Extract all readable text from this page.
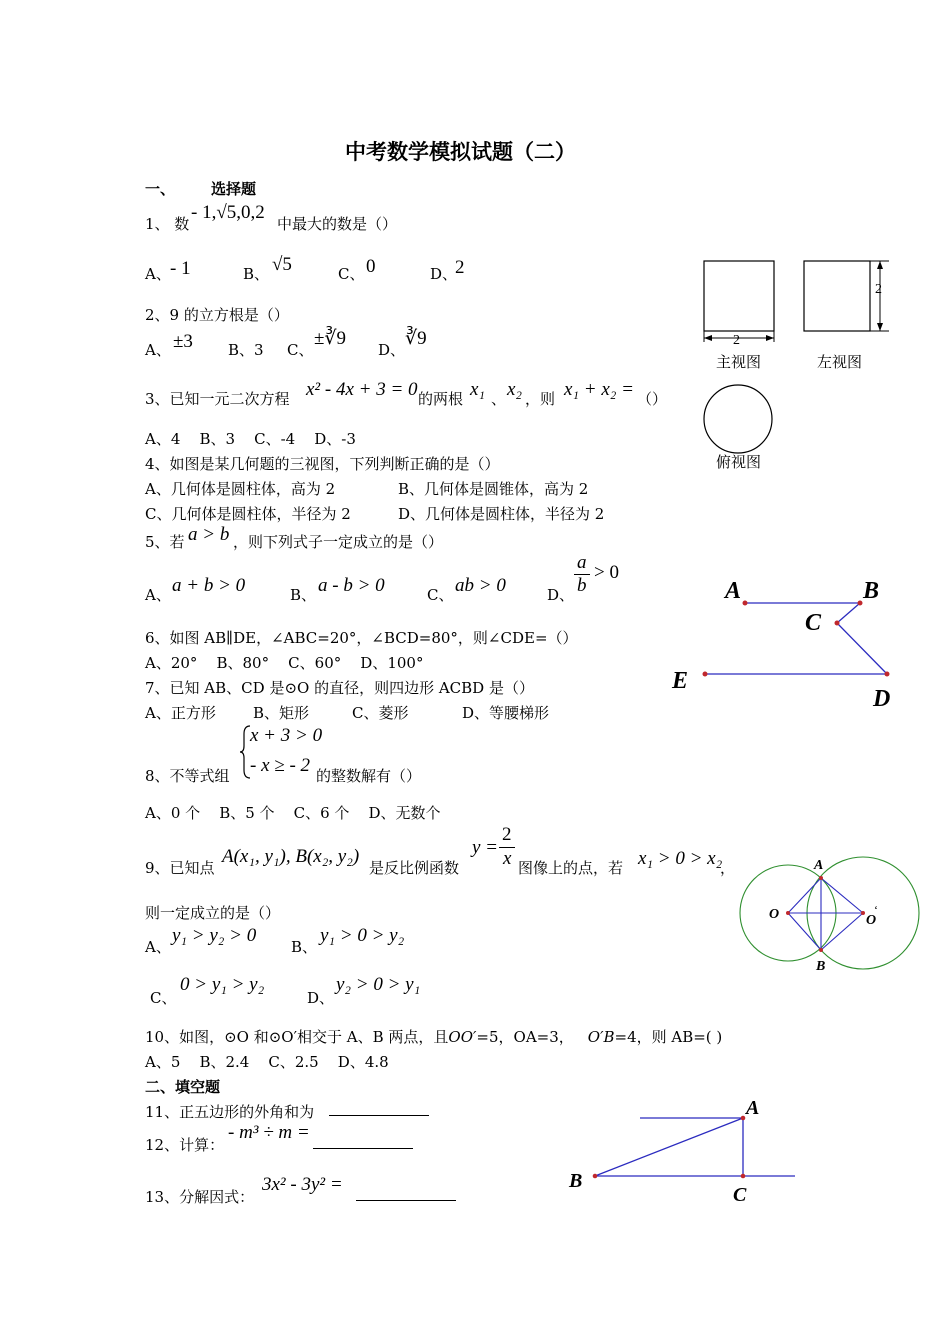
中考数学模拟试题（二）
一、 选择题
1、 数
- 1,√5,0,2
中最大的数是（）
A、 - 1	B、 √5	C、 0	D、
2
2、9 的立方根是（）
A、 ±3 B、3 C、
±∛9
D、
∛9
3、已知一元二次方程 x² - 4x + 3 = 0 的两根 x₁ 、 x₂ ，则 x₁ + x₂ = （）
A、4    B、3    C、-4    D、-3
4、如图是某几何题的三视图，下列判断正确的是（）
A、几何体是圆柱体，高为 2	B、几何体是圆锥体，高为 2
C、几何体是圆柱体，半径为 2	D、几何体是圆柱体，半径为 2
2
2
主视图	左视图
俯视图
5、若 a > b ，则下列式子一定成立的是（）
A、 a + b > 0	B、 a - b > 0	C、 ab > 0	D、
a
b
> 0
A	B
C
E
D
6、如图 AB∥DE，∠ABC=20°，∠BCD=80°，则∠CDE=（）
A、20°    B、80°    C、60°    D、100°
7、已知 AB、CD 是⊙O 的直径，则四边形 ACBD 是（）
A、正方形 B、矩形	C、菱形	D、等腰梯形
8、不等式组
x + 3 > 0
- x ≥ - 2 的整数解有（）
A、0 个    B、5 个    C、6 个    D、无数个
9、已知点
A(x₁, y₁), B(x₂, y₂)
是反比例函数
y =
2
x 图像上的点，若 x₁ > 0 > x₂
，
则一定成立的是（）
A、
y₁ > y₂ > 0
B、
y₁ > 0 > y₂
C、
0 > y₁ > y₂
D、
y₂ > 0 > y₁
A
B
O	O
‘
10、如图，⊙O 和⊙O′相交于 A、B 两点，且OO′=5，OA=3， O′B=4，则 AB=( )
A、5    B、2.4    C、2.5    D、4.8
二、填空题
11、正五边形的外角和为
12、计算：
- m³ ÷ m =
13、分解因式：
3x² - 3y² =
A
B
C
